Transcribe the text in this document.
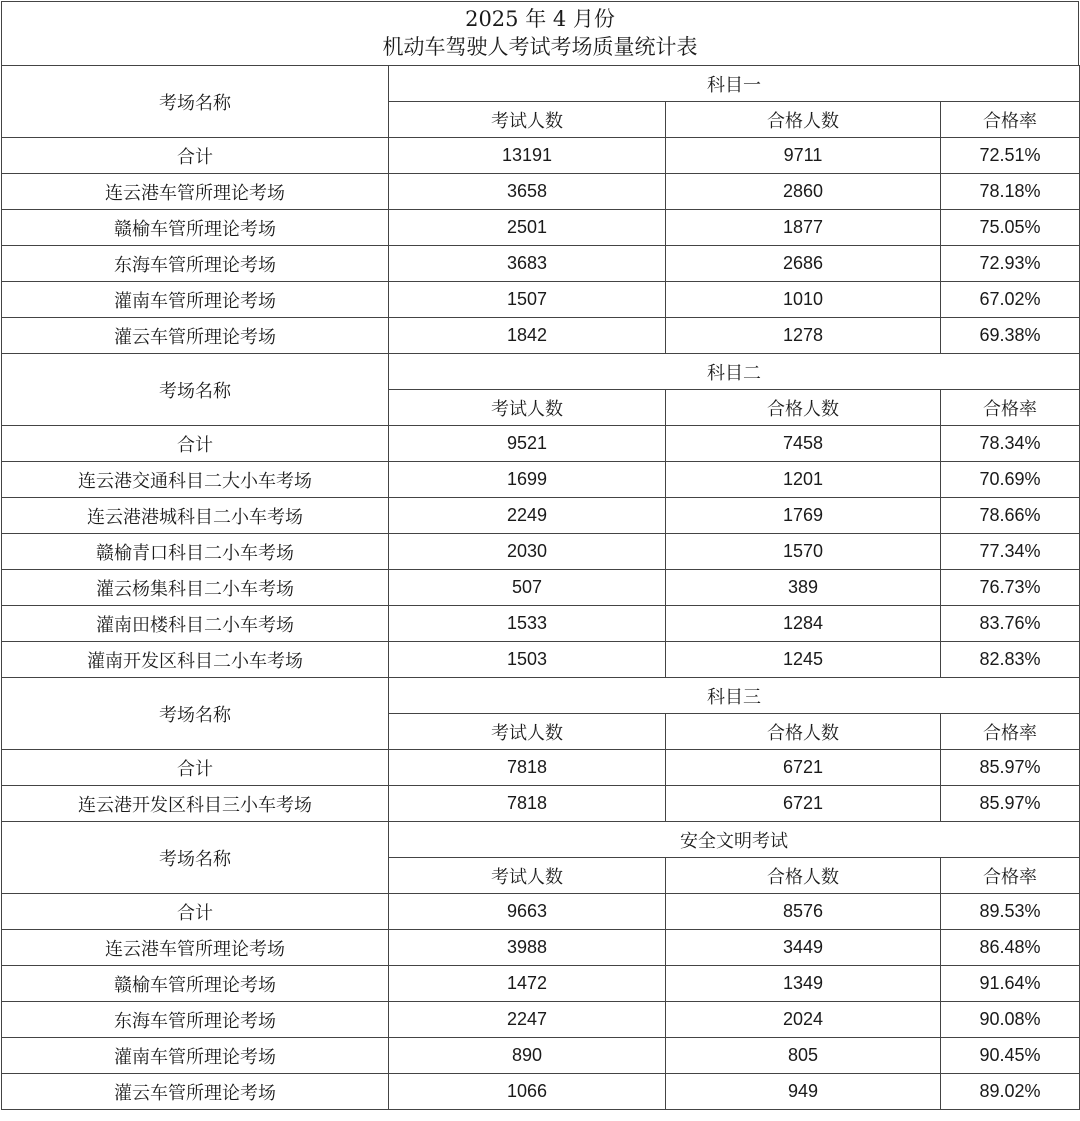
2025 年 4 月份
机动车驾驶人考试考场质量统计表
考场名称	科目一		
	考试人数	合格人数	合格率
合计	13191	9711	72.51%
连云港车管所理论考场	3658	2860	78.18%
赣榆车管所理论考场	2501	1877	75.05%
东海车管所理论考场	3683	2686	72.93%
灌南车管所理论考场	1507	1010	67.02%
灌云车管所理论考场	1842	1278	69.38%
考场名称	科目二		
	考试人数	合格人数	合格率
合计	9521	7458	78.34%
连云港交通科目二大小车考场	1699	1201	70.69%
连云港港城科目二小车考场	2249	1769	78.66%
赣榆青口科目二小车考场	2030	1570	77.34%
灌云杨集科目二小车考场	507	389	76.73%
灌南田楼科目二小车考场	1533	1284	83.76%
灌南开发区科目二小车考场	1503	1245	82.83%
考场名称	科目三		
	考试人数	合格人数	合格率
合计	7818	6721	85.97%
连云港开发区科目三小车考场	7818	6721	85.97%
考场名称	安全文明考试		
	考试人数	合格人数	合格率
合计	9663	8576	89.53%
连云港车管所理论考场	3988	3449	86.48%
赣榆车管所理论考场	1472	1349	91.64%
东海车管所理论考场	2247	2024	90.08%
灌南车管所理论考场	890	805	90.45%
灌云车管所理论考场	1066	949	89.02%
